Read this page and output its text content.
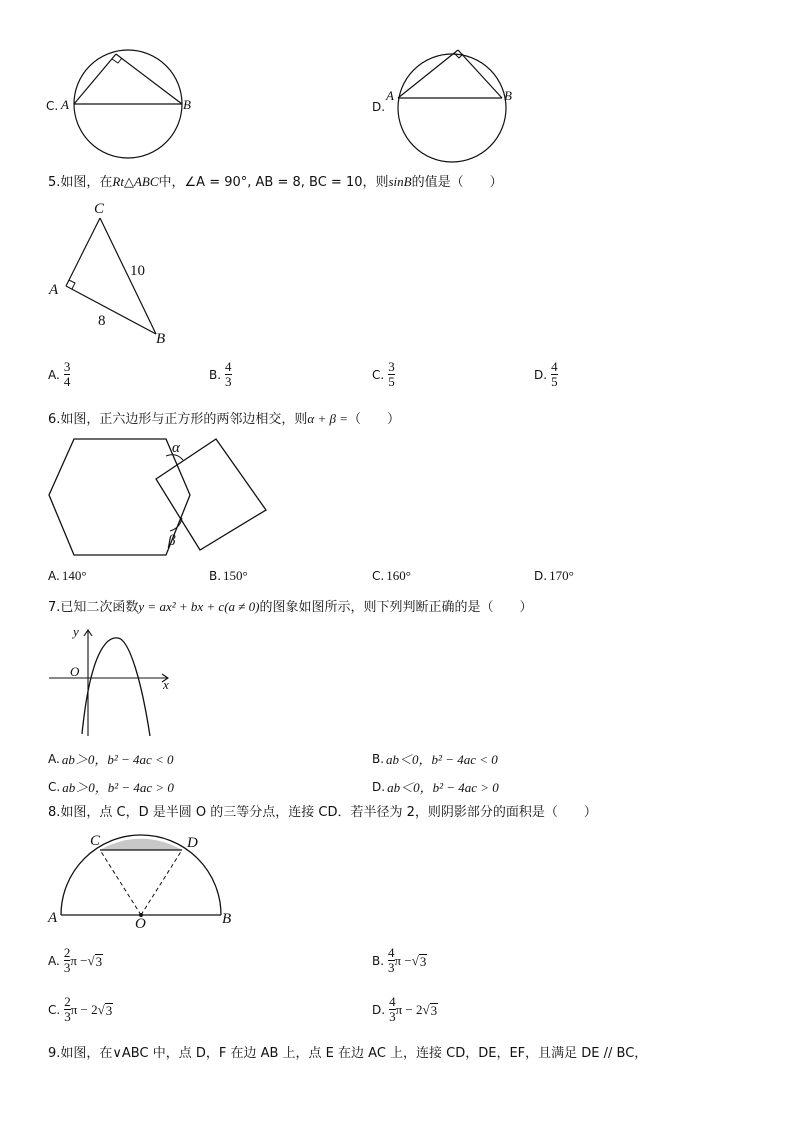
C. A	B	D.
A	B
5.如图，在Rt△ABC中，∠A = 90°, AB = 8, BC = 10，则sinB的值是（　　）
C
A
B
10
8
A. $\frac{3}{4}$	B. $\frac{4}{3}$	C. $\frac{3}{5}$	D. $\frac{4}{5}$
6.如图，正六边形与正方形的两邻边相交，则α + β =（　　）
α
β
A. 140°	B. 150°	C. 160°	D. 170°
7.已知二次函数y = ax² + bx + c(a ≠ 0)的图象如图所示，则下列判断正确的是（　　）
y
O
x
A. ab＞0，b² − 4ac < 0	B. ab＜0，b² − 4ac < 0
C. ab＞0，b² − 4ac > 0	D. ab＜0，b² − 4ac > 0
8.如图，点 C，D 是半圆 O 的三等分点，连接 CD．若半径为 2，则阴影部分的面积是（　　）
C	D
A	B
O
A. $\frac{2}{3}$ π − √ 3	B. $\frac{4}{3}$ π − √ 3
C. $\frac{2}{3}$ π − 2 √ 3	D. $\frac{4}{3}$ π − 2 √ 3
9.如图，在∨ABC 中，点 D，F 在边 AB 上，点 E 在边 AC 上，连接 CD，DE，EF，且满足 DE // BC，
